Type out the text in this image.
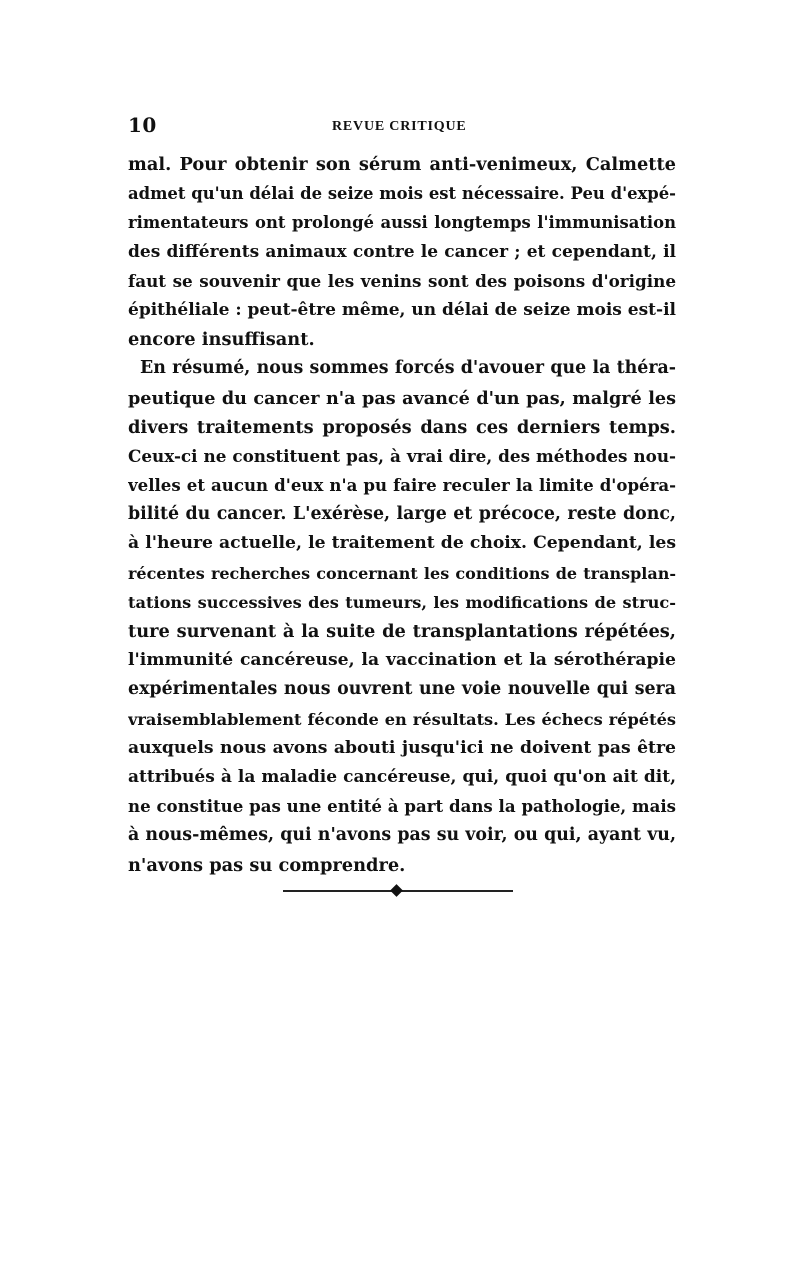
10	REVUE CRITIQUE
mal. Pour obtenir son sérum anti-venimeux, Calmette
admet qu'un délai de seize mois est nécessaire. Peu d'expé-
rimentateurs ont prolongé aussi longtemps l'immunisation
des différents animaux contre le cancer ; et cependant, il
faut se souvenir que les venins sont des poisons d'origine
épithéliale : peut-être même, un délai de seize mois est-il
encore insuffisant.
En résumé, nous sommes forcés d'avouer que la théra-
peutique du cancer n'a pas avancé d'un pas, malgré les
divers traitements proposés dans ces derniers temps.
Ceux-ci ne constituent pas, à vrai dire, des méthodes nou-
velles et aucun d'eux n'a pu faire reculer la limite d'opéra-
bilité du cancer. L'exérèse, large et précoce, reste donc,
à l'heure actuelle, le traitement de choix. Cependant, les
récentes recherches concernant les conditions de transplan-
tations successives des tumeurs, les modifications de struc-
ture survenant à la suite de transplantations répétées,
l'immunité cancéreuse, la vaccination et la sérothérapie
expérimentales nous ouvrent une voie nouvelle qui sera
vraisemblablement féconde en résultats. Les échecs répétés
auxquels nous avons abouti jusqu'ici ne doivent pas être
attribués à la maladie cancéreuse, qui, quoi qu'on ait dit,
ne constitue pas une entité à part dans la pathologie, mais
à nous-mêmes, qui n'avons pas su voir, ou qui, ayant vu,
n'avons pas su comprendre.
